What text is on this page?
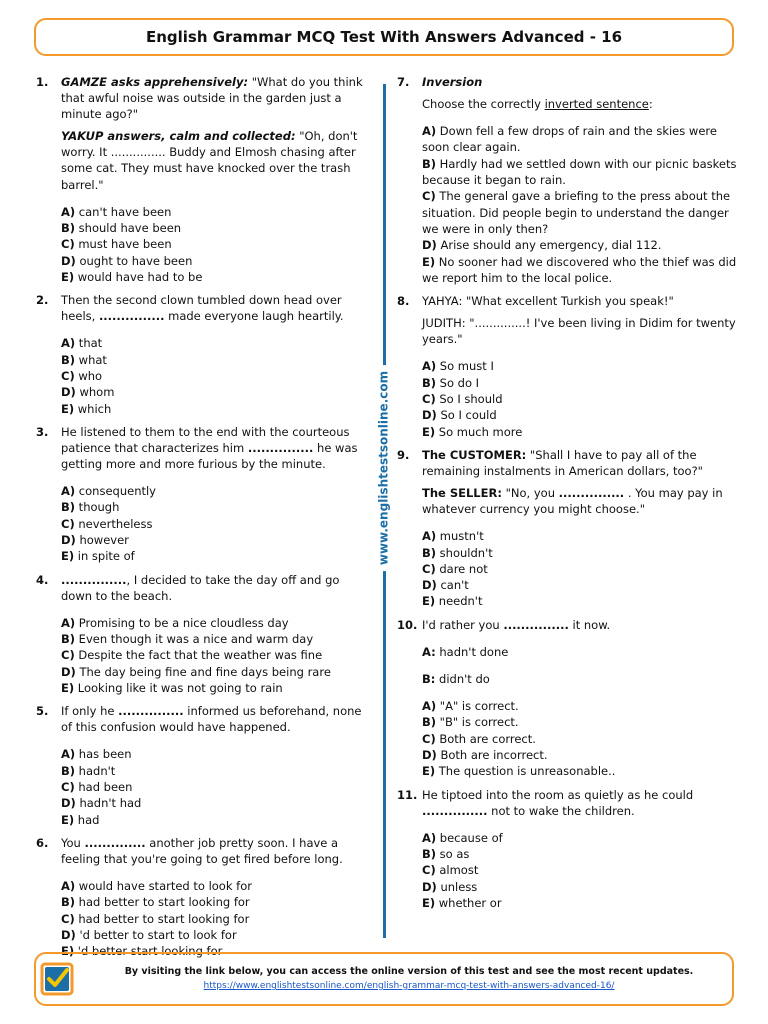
English Grammar MCQ Test With Answers Advanced - 16
www.englishtestsonline.com
1.	GAMZE asks apprehensively: "What do you think that awful noise was outside in the garden just a minute ago?"

YAKUP answers, calm and collected: "Oh, don't worry. It ............... Buddy and Elmosh chasing after some cat. They must have knocked over the trash barrel."

A) can't have been
B) should have been
C) must have been
D) ought to have been
E) would have had to be
2.	Then the second clown tumbled down head over heels, ............... made everyone laugh heartily.

A) that
B) what
C) who
D) whom
E) which
3.	He listened to them to the end with the courteous patience that characterizes him ............... he was getting more and more furious by the minute.

A) consequently
B) though
C) nevertheless
D) however
E) in spite of
4.	..............., I decided to take the day off and go down to the beach.

A) Promising to be a nice cloudless day
B) Even though it was a nice and warm day
C) Despite the fact that the weather was fine
D) The day being fine and fine days being rare
E) Looking like it was not going to rain
5.	If only he ............... informed us beforehand, none of this confusion would have happened.

A) has been
B) hadn't
C) had been
D) hadn't had
E) had
6.	You .............. another job pretty soon. I have a feeling that you're going to get fired before long.

A) would have started to look for
B) had better to start looking for
C) had better to start looking for
D) 'd better to start to look for
E) 'd better start looking for
7.	Inversion

Choose the correctly inverted sentence:

A) Down fell a few drops of rain and the skies were soon clear again.
B) Hardly had we settled down with our picnic baskets because it began to rain.
C) The general gave a briefing to the press about the situation. Did people begin to understand the danger we were in only then?
D) Arise should any emergency, dial 112.
E) No sooner had we discovered who the thief was did we report him to the local police.
8.	YAHYA: "What excellent Turkish you speak!"

JUDITH: "..............! I've been living in Didim for twenty years."

A) So must I
B) So do I
C) So I should
D) So I could
E) So much more
9.	The CUSTOMER: "Shall I have to pay all of the remaining instalments in American dollars, too?"

The SELLER: "No, you ............... . You may pay in whatever currency you might choose."

A) mustn't
B) shouldn't
C) dare not
D) can't
E) needn't
10. I'd rather you ............... it now.

A: hadn't done

B: didn't do

A) "A" is correct.
B) "B" is correct.
C) Both are correct.
D) Both are incorrect.
E) The question is unreasonable..
11. He tiptoed into the room as quietly as he could ............... not to wake the children.

A) because of
B) so as
C) almost
D) unless
E) whether or
By visiting the link below, you can access the online version of this test and see the most recent updates.
https://www.englishtestsonline.com/english-grammar-mcq-test-with-answers-advanced-16/
